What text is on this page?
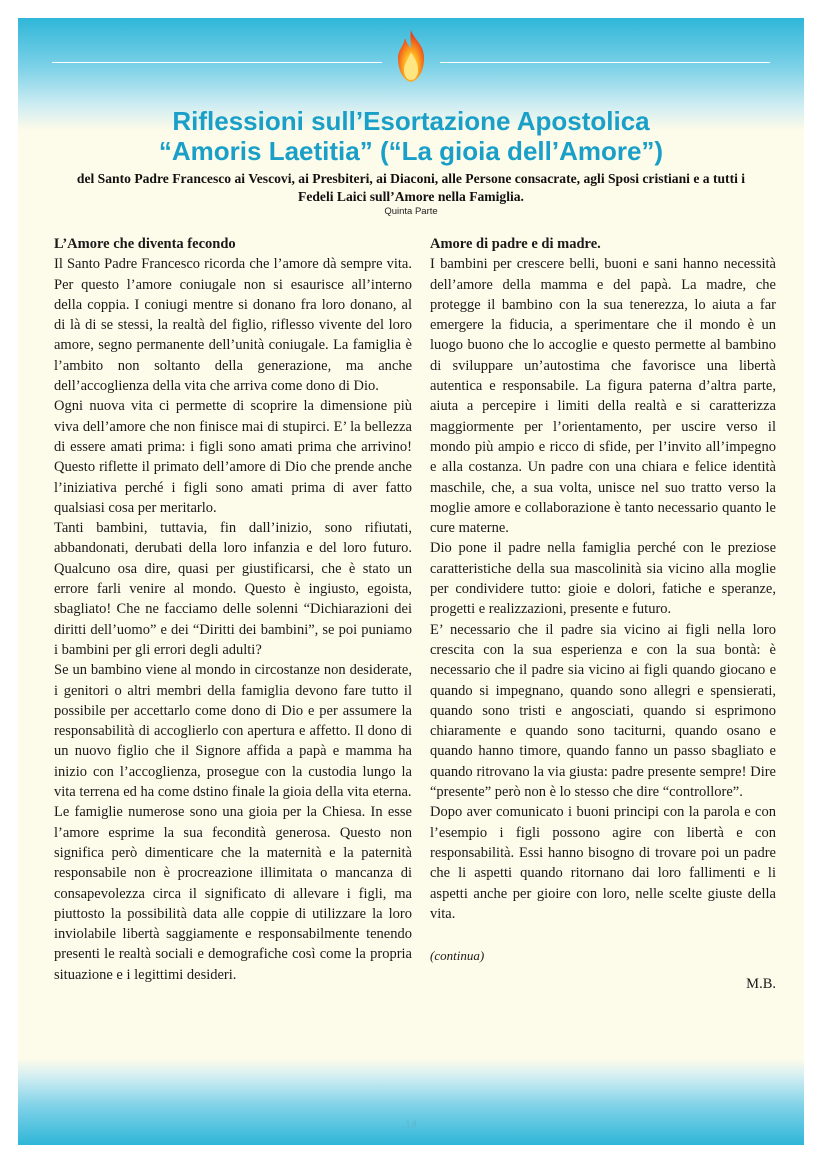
Riflessioni sull’Esortazione Apostolica
“Amoris Laetitia” (“La gioia dell’Amore”)
del Santo Padre Francesco ai Vescovi, ai Presbiteri, ai Diaconi, alle Persone consacrate, agli Sposi cristiani e a tutti i Fedeli Laici sull’Amore nella Famiglia.
Quinta Parte
L’Amore che diventa fecondo

Il Santo Padre Francesco ricorda che l’amore dà sempre vita. Per questo l’amore coniugale non si esaurisce all’interno della coppia. I coniugi mentre si donano fra loro donano, al di là di se stessi, la realtà del figlio, riflesso vivente del loro amore, segno permanente dell’unità coniugale. La famiglia è l’ambito non soltanto della generazione, ma anche dell’accoglienza della vita che arriva come dono di Dio.

Ogni nuova vita ci permette di scoprire la dimensione più viva dell’amore che non finisce mai di stupirci. E’ la bellezza di essere amati prima: i figli sono amati prima che arrivino! Questo riflette il primato dell’amore di Dio che prende anche l’iniziativa perché i figli sono amati prima di aver fatto qualsiasi cosa per meritarlo.

Tanti bambini, tuttavia, fin dall’inizio, sono rifiutati, abbandonati, derubati della loro infanzia e del loro futuro. Qualcuno osa dire, quasi per giustificarsi, che è stato un errore farli venire al mondo. Questo è ingiusto, egoista, sbagliato! Che ne facciamo delle solenni “Dichiarazioni dei diritti dell’uomo” e dei “Diritti dei bambini”, se poi puniamo i bambini per gli errori degli adulti?

Se un bambino viene al mondo in circostanze non desiderate, i genitori o altri membri della famiglia devono fare tutto il possibile per accettarlo come dono di Dio e per assumere la responsabilità di accoglierlo con apertura e affetto. Il dono di un nuovo figlio che il Signore affida a papà e mamma ha inizio con l’accoglienza, prosegue con la custodia lungo la vita terrena ed ha come dstino finale la gioia della vita eterna.

Le famiglie numerose sono una gioia per la Chiesa. In esse l’amore esprime la sua fecondità generosa. Questo non significa però dimenticare che la maternità e la paternità responsabile non è procreazione illimitata o mancanza di consapevolezza circa il significato di allevare i figli, ma piuttosto la possibilità data alle coppie di utilizzare la loro inviolabile libertà saggiamente e responsabilmente tenendo presenti le realtà sociali e demografiche così come la propria situazione e i legittimi desideri.

Amore di padre e di madre.

I bambini per crescere belli, buoni e sani hanno necessità dell’amore della mamma e del papà. La madre, che protegge il bambino con la sua tenerezza, lo aiuta a far emergere la fiducia, a sperimentare che il mondo è un luogo buono che lo accoglie e questo permette al bambino di sviluppare un’autostima che favorisce una libertà autentica e responsabile. La figura paterna d’altra parte, aiuta a percepire i limiti della realtà e si caratterizza maggiormente per l’orientamento, per uscire verso il mondo più ampio e ricco di sfide, per l’invito all’impegno e alla costanza. Un padre con una chiara e felice identità maschile, che, a sua volta, unisce nel suo tratto verso la moglie amore e collaborazione è tanto necessario quanto le cure materne.

Dio pone il padre nella famiglia perché con le preziose caratteristiche della sua mascolinità sia vicino alla moglie per condividere tutto: gioie e dolori, fatiche e speranze, progetti e realizzazioni, presente e futuro.

E’ necessario che il padre sia vicino ai figli nella loro crescita con la sua esperienza e con la sua bontà: è necessario che il padre sia vicino ai figli quando giocano e quando si impegnano, quando sono allegri e spensierati, quando sono tristi e angosciati, quando si esprimono chiaramente e quando sono taciturni, quando osano e quando hanno timore, quando fanno un passo sbagliato e quando ritrovano la via giusta: padre presente sempre! Dire “presente” però non è lo stesso che dire “controllore”.

Dopo aver comunicato i buoni principi con la parola e con l’esempio i figli possono agire con libertà e con responsabilità. Essi hanno bisogno di trovare poi un padre che li aspetti quando ritornano dai loro fallimenti e li aspetti anche per gioire con loro, nelle scelte giuste della vita.

(continua)

M.B.

14
